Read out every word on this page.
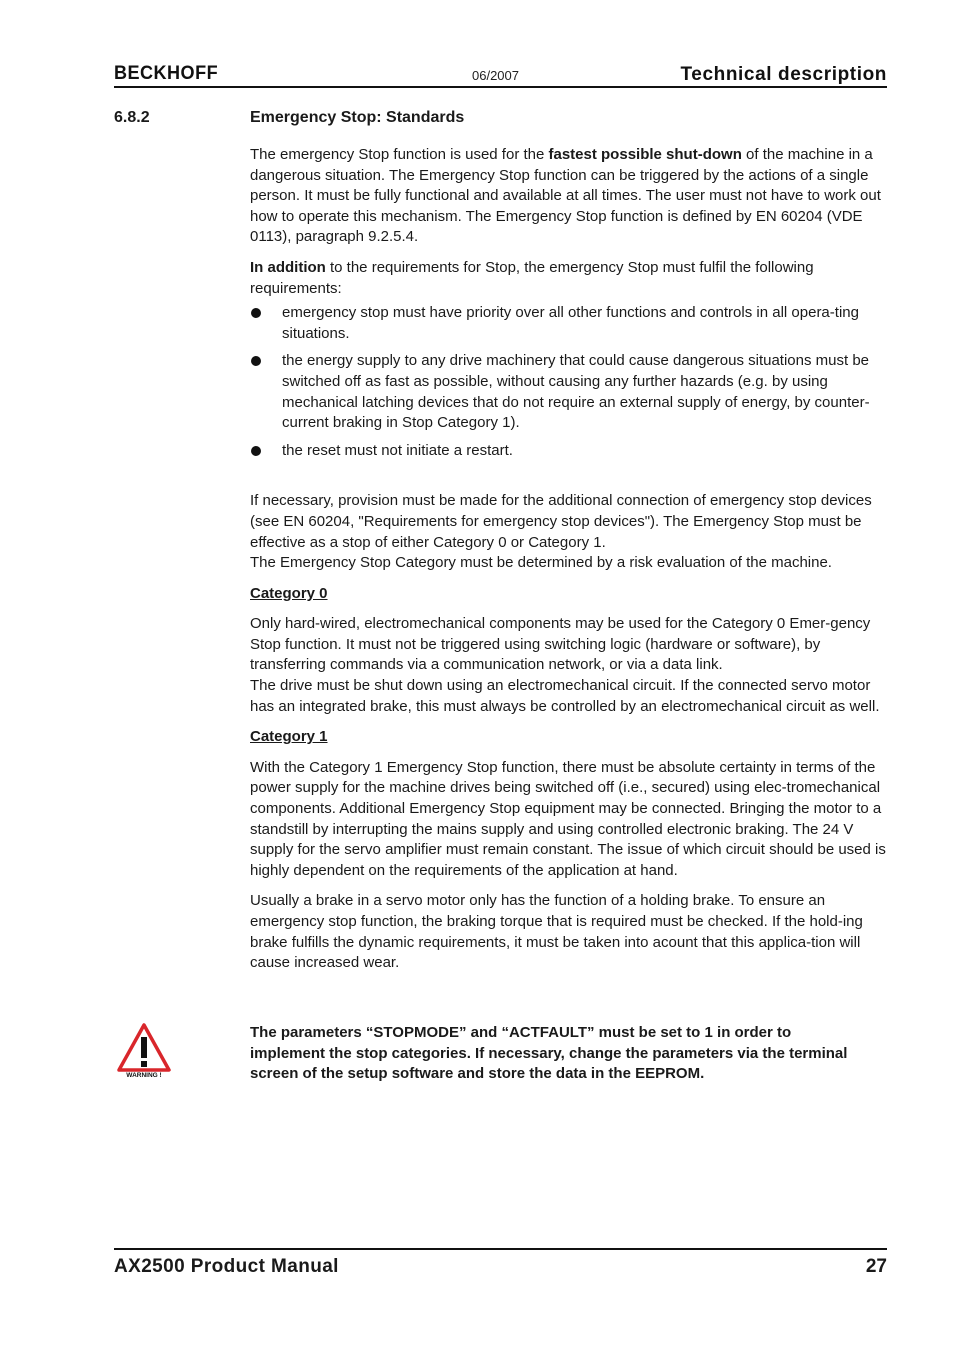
BECKHOFF	06/2007	Technical description
6.8.2	Emergency Stop: Standards

The emergency Stop function is used for the fastest possible shut-down of the machine in a dangerous situation. The Emergency Stop function can be triggered by the actions of a single person. It must be fully functional and available at all times. The user must not have to work out how to operate this mechanism. The Emergency Stop function is defined by EN 60204 (VDE 0113), paragraph 9.2.5.4.

In addition to the requirements for Stop, the emergency Stop must fulfil the following requirements:

emergency stop must have priority over all other functions and controls in all opera-ting situations.
the energy supply to any drive machinery that could cause dangerous situations must be switched off as fast as possible, without causing any further hazards (e.g. by using mechanical latching devices that do not require an external supply of energy, by counter-current braking in Stop Category 1).
the reset must not initiate a restart.

If necessary, provision must be made for the additional connection of emergency stop devices (see EN 60204, "Requirements for emergency stop devices"). The Emergency Stop must be effective as a stop of either Category 0 or Category 1.
The Emergency Stop Category must be determined by a risk evaluation of the machine.

Category 0

Only hard-wired, electromechanical components may be used for the Category 0 Emer-gency Stop function. It must not be triggered using switching logic (hardware or software), by transferring commands via a communication network, or via a data link.
The drive must be shut down using an electromechanical circuit. If the connected servo motor has an integrated brake, this must always be controlled by an electromechanical circuit as well.

Category 1

With the Category 1 Emergency Stop function, there must be absolute certainty in terms of the power supply for the machine drives being switched off (i.e., secured) using elec-tromechanical components. Additional Emergency Stop equipment may be connected. Bringing the motor to a standstill by interrupting the mains supply and using controlled electronic braking. The 24 V supply for the servo amplifier must remain constant. The issue of which circuit should be used is highly dependent on the requirements of the application at hand.

Usually a brake in a servo motor only has the function of a holding brake. To ensure an emergency stop function, the braking torque that is required must be checked. If the hold-ing brake fulfills the dynamic requirements, it must be taken into acount that this applica-tion will cause increased wear.

WARNING !
The parameters “STOPMODE” and “ACTFAULT” must be set to 1 in order to implement the stop categories. If necessary, change the parameters via the terminal screen of the setup software and store the data in the EEPROM.
AX2500 Product Manual	27
